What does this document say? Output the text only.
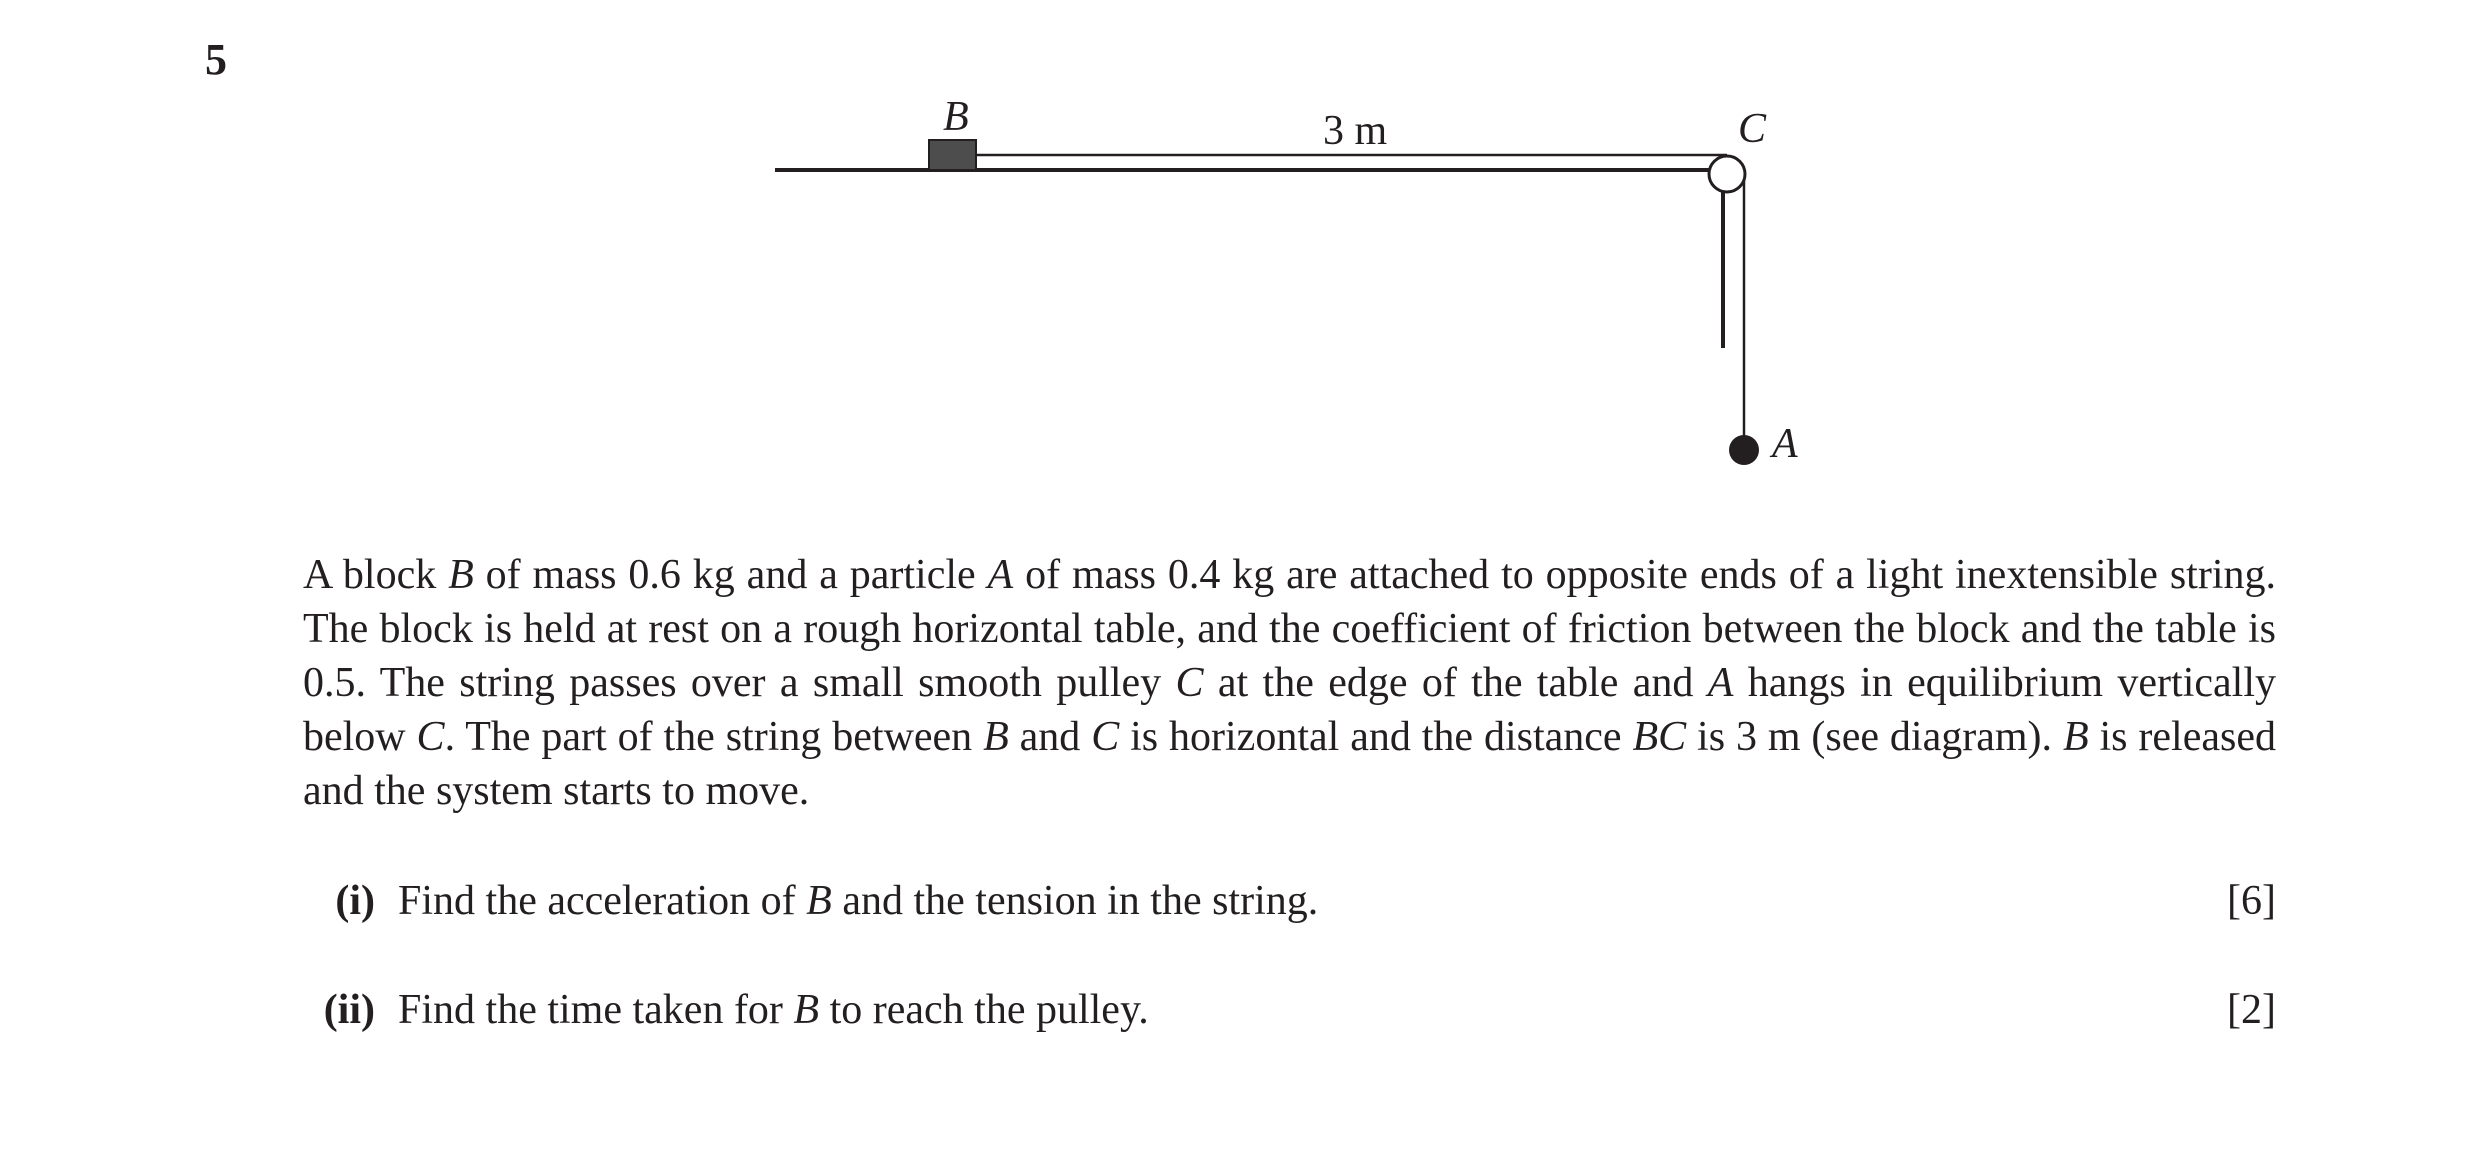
5
B	3 m	C
A
A block B of mass 0.6 kg and a particle A of mass 0.4 kg are attached to opposite ends of a light inextensible string. The block is held at rest on a rough horizontal table, and the coefficient of friction between the block and the table is 0.5. The string passes over a small smooth pulley C at the edge of the table and A hangs in equilibrium vertically below C. The part of the string between B and C is horizontal and the distance BC is 3 m (see diagram). B is released and the system starts to move.
(i) Find the acceleration of B and the tension in the string.	[6]
(ii) Find the time taken for B to reach the pulley.	[2]
